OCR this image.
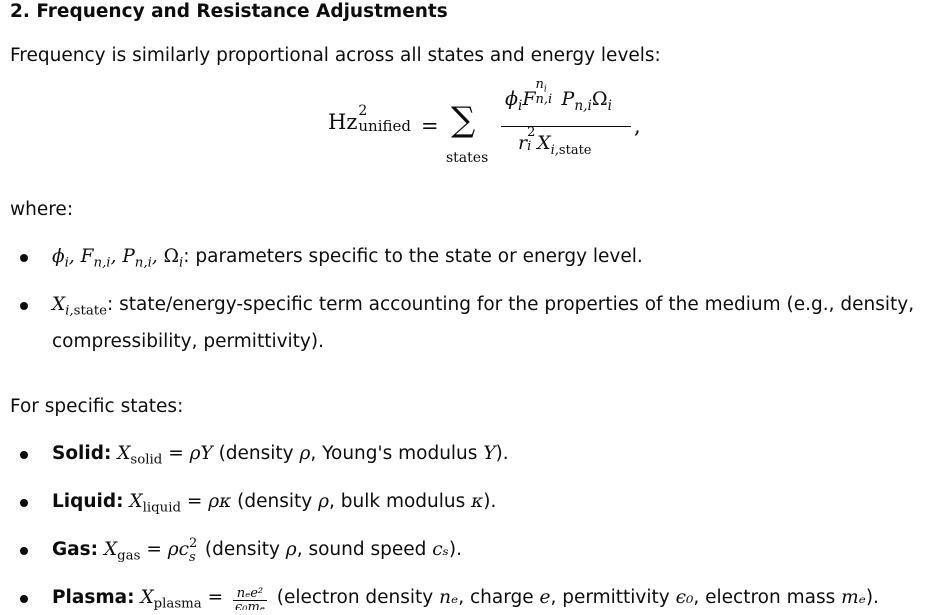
2. Frequency and Resistance Adjustments
Frequency is similarly proportional across all states and energy levels:
Hz 2
unified = ∑
states
$\phi_iF$
$n_i$
n,i $P_{n,i}\Omega_i$
r 2
i $X_{i,state}$
,
where:
$\phi_i$, $F_{n,i}$, $P_{n,i}$, $\Omega_i$: parameters specific to the state or energy level.
$X_{i,state}$: state/energy-specific term accounting for the properties of the medium (e.g., density,
compressibility, permittivity).
For specific states:
Solid: $X_{solid} = \rho Y$ (density ρ, Young's modulus Y).
Liquid: $X_{liquid} = \rho\kappa$ (density ρ, bulk modulus κ).
Gas: $X_{gas} = \rho c$ 2
s (density ρ, sound speed cₛ).
Plasma: $X_{plasma} = \frac{\text{nₑe²}}{\text{ϵ₀mₑ}}$ (electron density nₑ, charge e, permittivity ϵ₀, electron mass mₑ).
